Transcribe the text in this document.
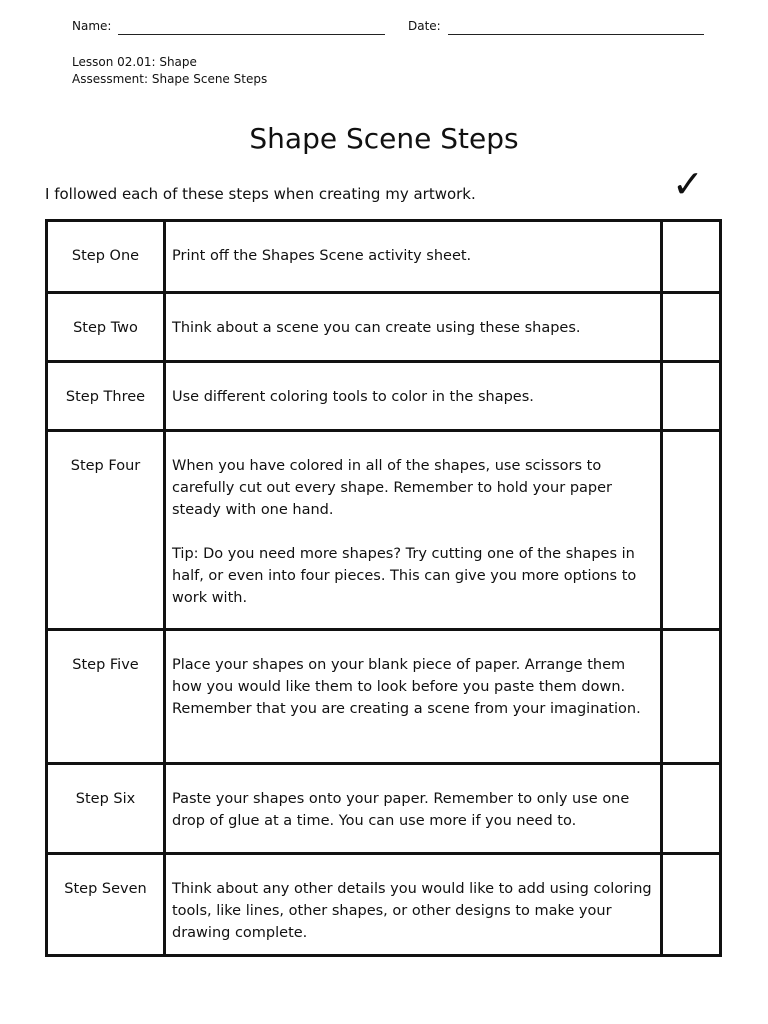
Name:	Date:
Lesson 02.01: Shape
Assessment: Shape Scene Steps
Shape Scene Steps
I followed each of these steps when creating my artwork.	✓
Step One	Print off the Shapes Scene activity sheet.	

Step Two	Think about a scene you can create using these shapes.	

Step Three	Use different coloring tools to color in the shapes.	

Step Four	When you have colored in all of the shapes, use scissors to carefully cut out every shape. Remember to hold your paper steady with one hand.
Tip: Do you need more shapes? Try cutting one of the shapes in half, or even into four pieces. This can give you more options to work with.	

Step Five	Place your shapes on your blank piece of paper. Arrange them how you would like them to look before you paste them down. Remember that you are creating a scene from your imagination.	

Step Six	Paste your shapes onto your paper. Remember to only use one drop of glue at a time. You can use more if you need to.	

Step Seven	Think about any other details you would like to add using coloring tools, like lines, other shapes, or other designs to make your drawing complete.	
